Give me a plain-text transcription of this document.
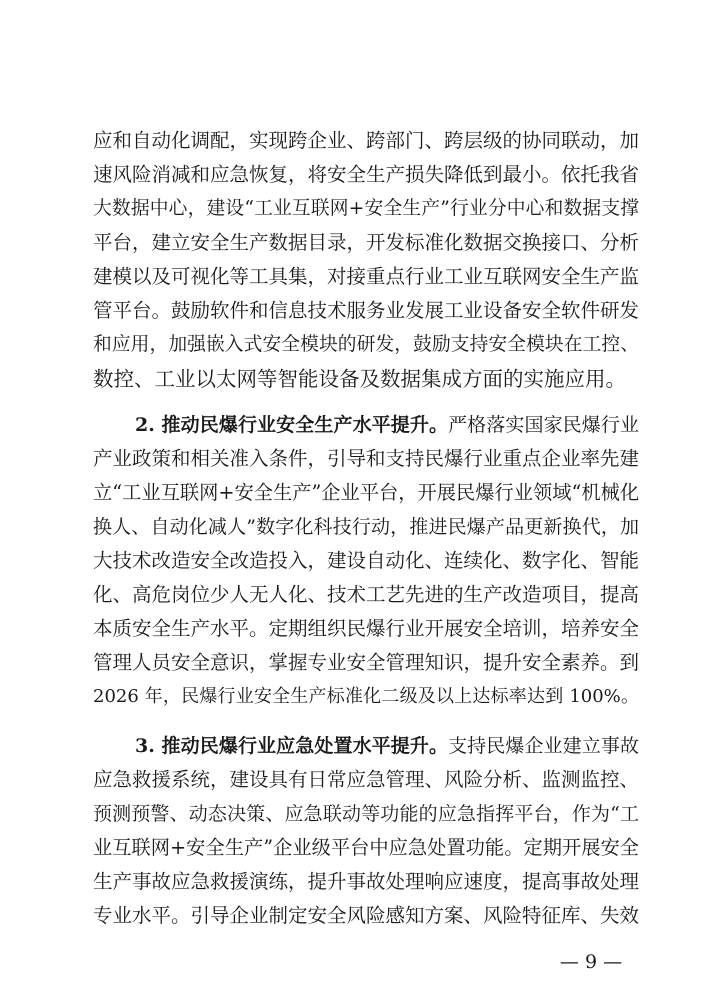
应和自动化调配，实现跨企业、跨部门、跨层级的协同联动，加
速风险消减和应急恢复，将安全生产损失降低到最小。依托我省
大数据中心，建设“工业互联网+安全生产”行业分中心和数据支撑
平台，建立安全生产数据目录，开发标准化数据交换接口、分析
建模以及可视化等工具集，对接重点行业工业互联网安全生产监
管平台。鼓励软件和信息技术服务业发展工业设备安全软件研发
和应用，加强嵌入式安全模块的研发，鼓励支持安全模块在工控、
数控、工业以太网等智能设备及数据集成方面的实施应用。
2. 推动民爆行业安全生产水平提升。严格落实国家民爆行业
产业政策和相关准入条件，引导和支持民爆行业重点企业率先建
立“工业互联网+安全生产”企业平台，开展民爆行业领域“机械化
换人、自动化减人”数字化科技行动，推进民爆产品更新换代，加
大技术改造安全改造投入，建设自动化、连续化、数字化、智能
化、高危岗位少人无人化、技术工艺先进的生产改造项目，提高
本质安全生产水平。定期组织民爆行业开展安全培训，培养安全
管理人员安全意识，掌握专业安全管理知识，提升安全素养。到
2026 年，民爆行业安全生产标准化二级及以上达标率达到 100%。
3. 推动民爆行业应急处置水平提升。支持民爆企业建立事故
应急救援系统，建设具有日常应急管理、风险分析、监测监控、
预测预警、动态决策、应急联动等功能的应急指挥平台，作为“工
业互联网+安全生产”企业级平台中应急处置功能。定期开展安全
生产事故应急救援演练，提升事故处理响应速度，提高事故处理
专业水平。引导企业制定安全风险感知方案、风险特征库、失效
— 9 —
